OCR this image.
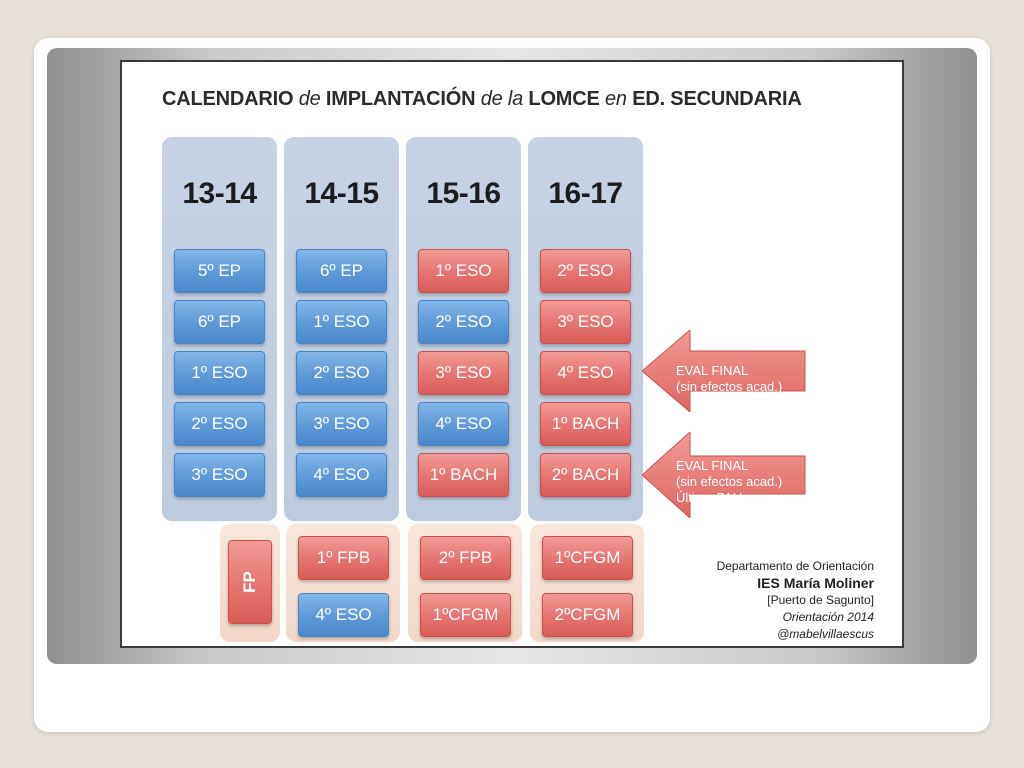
CALENDARIO de IMPLANTACIÓN de la LOMCE en ED. SECUNDARIA
13-14
5º EP
6º EP
1º ESO
2º ESO
3º ESO
14-15
6º EP
1º ESO
2º ESO
3º ESO
4º ESO
15-16
1º ESO
2º ESO
3º ESO
4º ESO
1º BACH
16-17
2º ESO
3º ESO
4º ESO
1º BACH
2º BACH
1º FPB
4º ESO
2º FPB
1ºCFGM
1ºCFGM
2ºCFGM
FP
EVAL FINAL
(sin efectos acad.)
EVAL FINAL
(sin efectos acad.)
Última PAU
Departamento de Orientación
IES María Moliner
[Puerto de Sagunto]
Orientación 2014
@mabelvillaescus
